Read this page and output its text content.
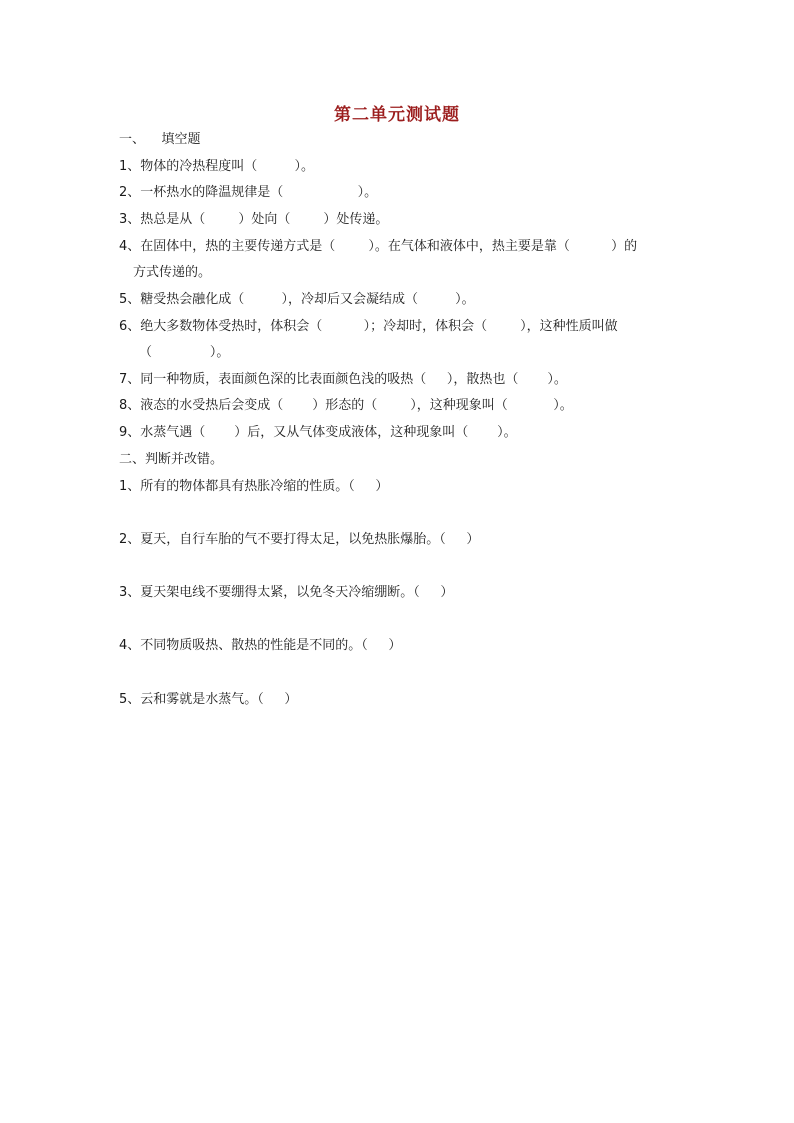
第二单元测试题
一、    填空题
1、物体的冷热程度叫（         ）。
2、一杯热水的降温规律是（                  ）。
3、热总是从（        ）处向（        ）处传递。
4、在固体中，热的主要传递方式是（        ）。在气体和液体中，热主要是靠（          ）的
方式传递的。
5、糖受热会融化成（         ），冷却后又会凝结成（         ）。
6、绝大多数物体受热时，体积会（          ）；冷却时，体积会（        ），这种性质叫做
（              ）。
7、同一种物质，表面颜色深的比表面颜色浅的吸热（     ），散热也（       ）。
8、液态的水受热后会变成（       ）形态的（        ），这种现象叫（           ）。
9、水蒸气遇（       ）后，又从气体变成液体，这种现象叫（       ）。
二、判断并改错。
1、所有的物体都具有热胀冷缩的性质。（     ）
2、夏天，自行车胎的气不要打得太足，以免热胀爆胎。（     ）
3、夏天架电线不要绷得太紧，以免冬天冷缩绷断。（     ）
4、不同物质吸热、散热的性能是不同的。（     ）
5、云和雾就是水蒸气。（     ）
